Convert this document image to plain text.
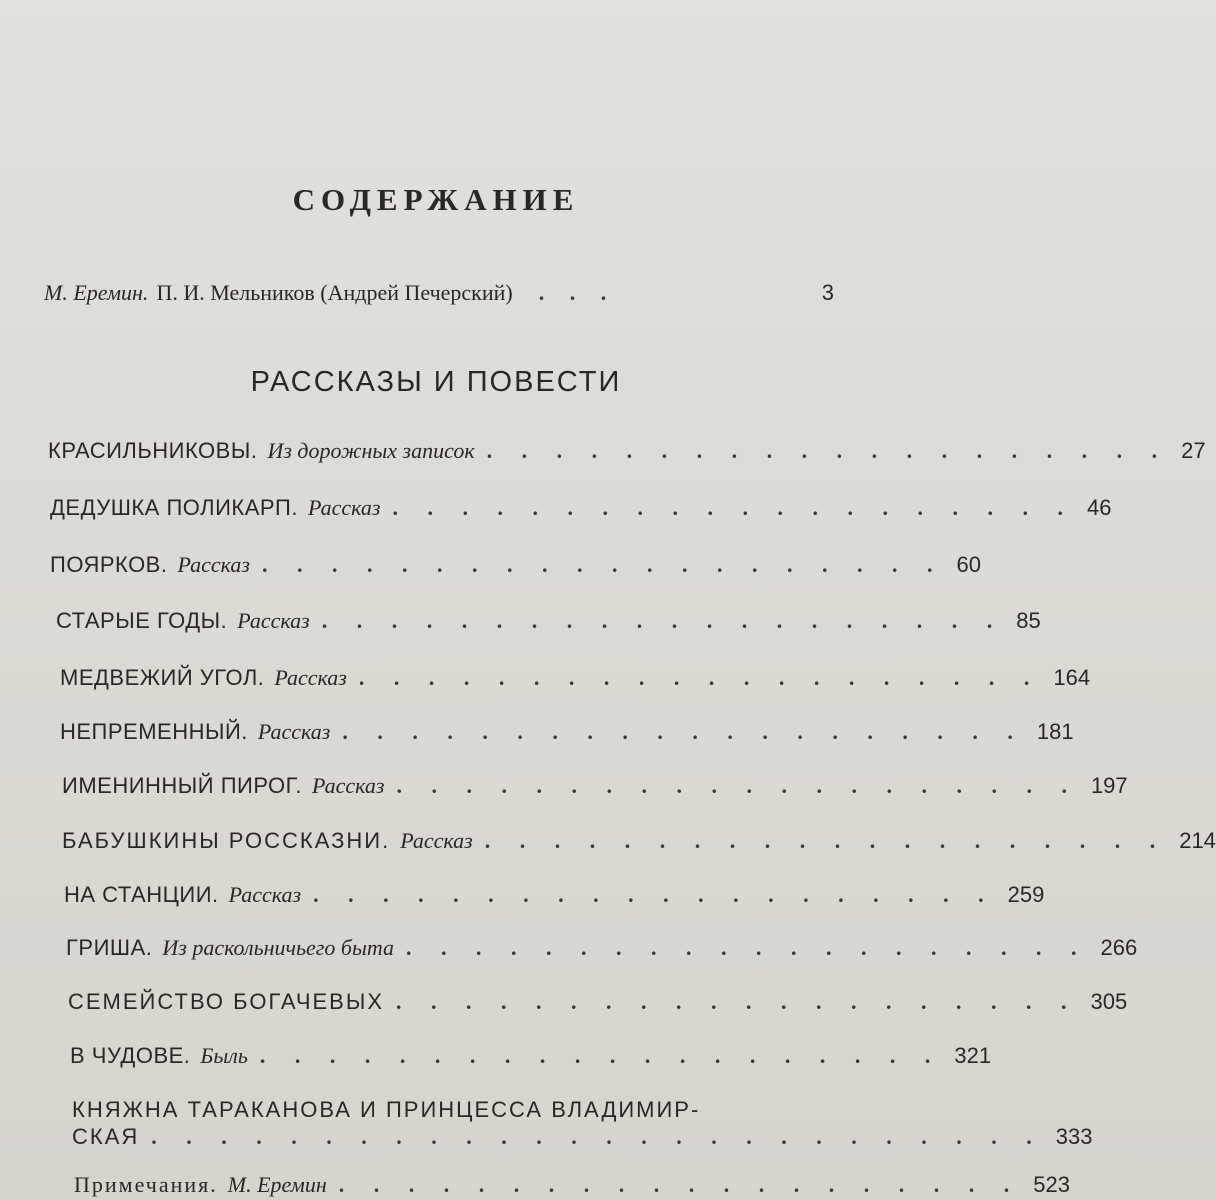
СОДЕРЖАНИЕ
М. Еремин. П. И. Мельников (Андрей Печерский) . . .	3
РАССКАЗЫ И ПОВЕСТИ
КРАСИЛЬНИКОВЫ. Из дорожных записок . . . . . . . . . . . . . . . . . . . . 27
ДЕДУШКА ПОЛИКАРП. Рассказ . . . . . . . . . . . . . . . . . . . . 46
ПОЯРКОВ. Рассказ . . . . . . . . . . . . . . . . . . . . 60
СТАРЫЕ ГОДЫ. Рассказ . . . . . . . . . . . . . . . . . . . . 85
МЕДВЕЖИЙ УГОЛ. Рассказ . . . . . . . . . . . . . . . . . . . . 164
НЕПРЕМЕННЫЙ. Рассказ . . . . . . . . . . . . . . . . . . . . 181
ИМЕНИННЫЙ ПИРОГ. Рассказ . . . . . . . . . . . . . . . . . . . . 197
БАБУШКИНЫ РОССКАЗНИ. Рассказ . . . . . . . . . . . . . . . . . . . . 214
НА СТАНЦИИ. Рассказ . . . . . . . . . . . . . . . . . . . . 259
ГРИША. Из раскольничьего быта . . . . . . . . . . . . . . . . . . . . 266
СЕМЕЙСТВО БОГАЧЕВЫХ . . . . . . . . . . . . . . . . . . . . 305
В ЧУДОВЕ. Быль . . . . . . . . . . . . . . . . . . . . 321
КНЯЖНА ТАРАКАНОВА И ПРИНЦЕССА ВЛАДИМИР-
СКАЯ . . . . . . . . . . . . . . . . . . . . . . . . . . 333
Примечания. М. Еремин . . . . . . . . . . . . . . . . . . . . 523
